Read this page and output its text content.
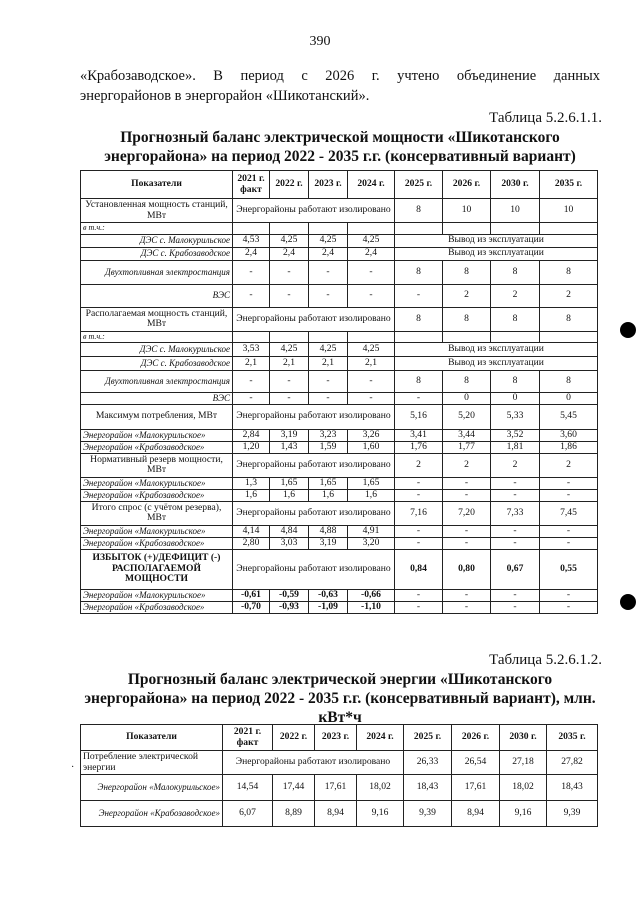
390
«Крабозаводское». В период с 2026 г. учтено объединение данных
энергорайонов в энергорайон «Шикотанский».
Таблица 5.2.6.1.1.
Прогнозный баланс электрической мощности «Шикотанского
энергорайона» на период 2022 - 2035 г.г. (консервативный вариант)
Показатели	2021 г. факт	2022 г.	2023 г.	2024 г.	2025 г.	2026 г.	2030 г.	2035 г.
Установленная мощность станций, МВт	Энергорайоны работают изолировано				8	10	10	10
в т.ч.:								
ДЭС с. Малокурильское	4,53	4,25	4,25	4,25	Вывод из эксплуатации			
ДЭС с. Крабозаводское	2,4	2,4	2,4	2,4	Вывод из эксплуатации			
Двухтопливная электростанция	-	-	-	-	8	8	8	8
ВЭС	-	-	-	-	-	2	2	2
Располагаемая мощность станций, МВт	Энергорайоны работают изолировано				8	8	8	8
в т.ч.:								
ДЭС с. Малокурильское	3,53	4,25	4,25	4,25	Вывод из эксплуатации			
ДЭС с. Крабозаводское	2,1	2,1	2,1	2,1	Вывод из эксплуатации			
Двухтопливная электростанция	-	-	-	-	8	8	8	8
ВЭС	-	-	-	-	-	0	0	0
Максимум потребления, МВт	Энергорайоны работают изолировано				5,16	5,20	5,33	5,45
Энергорайон «Малокурильское»	2,84	3,19	3,23	3,26	3,41	3,44	3,52	3,60
Энергорайон «Крабозаводское»	1,20	1,43	1,59	1,60	1,76	1,77	1,81	1,86
Нормативный резерв мощности, МВт	Энергорайоны работают изолировано				2	2	2	2
Энергорайон «Малокурильское»	1,3	1,65	1,65	1,65	-	-	-	-
Энергорайон «Крабозаводское»	1,6	1,6	1,6	1,6	-	-	-	-
Итого спрос (с учётом резерва), МВт	Энергорайоны работают изолировано				7,16	7,20	7,33	7,45
Энергорайон «Малокурильское»	4,14	4,84	4,88	4,91	-	-	-	-
Энергорайон «Крабозаводское»	2,80	3,03	3,19	3,20	-	-	-	-
ИЗБЫТОК (+)/ДЕФИЦИТ (-) РАСПОЛАГАЕМОЙ МОЩНОСТИ	Энергорайоны работают изолировано				0,84	0,80	0,67	0,55
Энергорайон «Малокурильское»	-0,61	-0,59	-0,63	-0,66	-	-	-	-
Энергорайон «Крабозаводское»	-0,70	-0,93	-1,09	-1,10	-	-	-	-
Таблица 5.2.6.1.2.
Прогнозный баланс электрической энергии «Шикотанского
энергорайона» на период 2022 - 2035 г.г. (консервативный вариант), млн.
кВт*ч
·
Показатели	2021 г. факт	2022 г.	2023 г.	2024 г.	2025 г.	2026 г.	2030 г.	2035 г.
Потребление электрической энергии	Энергорайоны работают изолировано				26,33	26,54	27,18	27,82
Энергорайон «Малокурильское»	14,54	17,44	17,61	18,02	18,43	17,61	18,02	18,43
Энергорайон «Крабозаводское»	6,07	8,89	8,94	9,16	9,39	8,94	9,16	9,39
